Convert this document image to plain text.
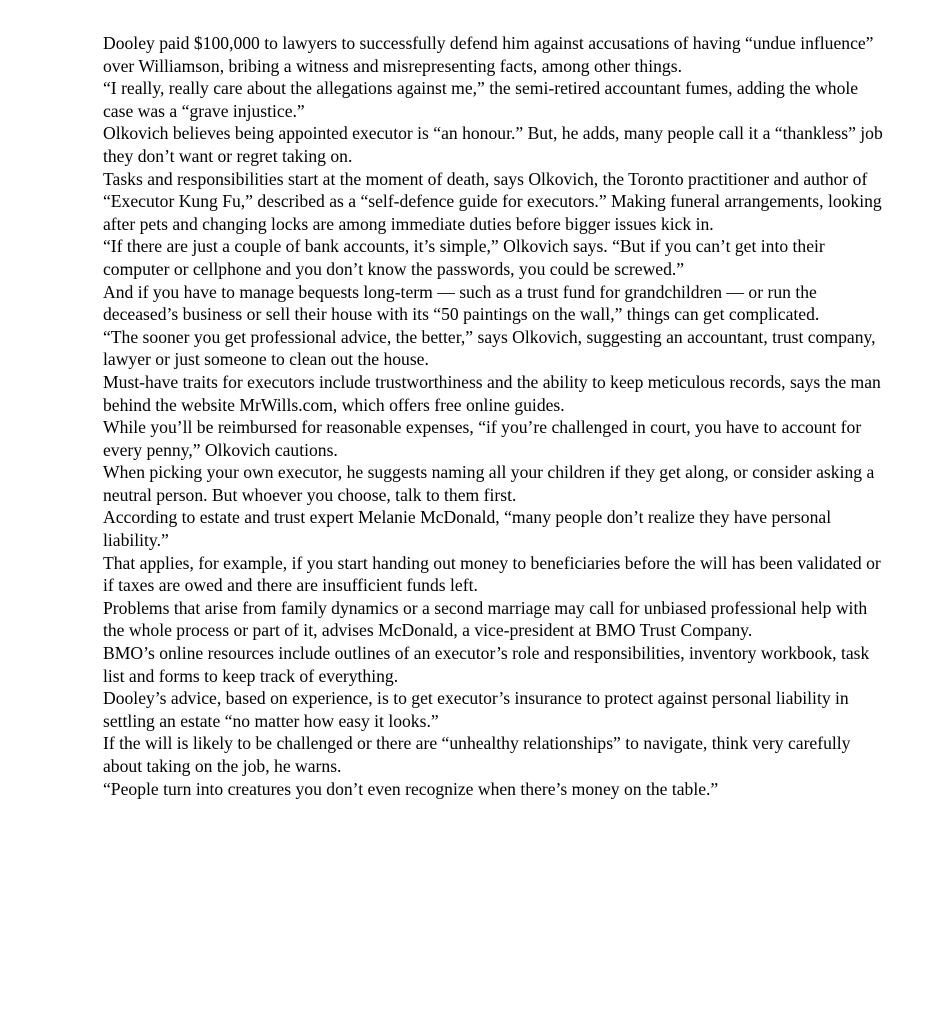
Dooley paid $100,000 to lawyers to successfully defend him against accusations of having “undue influence” over Williamson, bribing a witness and misrepresenting facts, among other things.

“I really, really care about the allegations against me,” the semi-retired accountant fumes, adding the whole case was a “grave injustice.”

Olkovich believes being appointed executor is “an honour.” But, he adds, many people call it a “thankless” job they don’t want or regret taking on.

Tasks and responsibilities start at the moment of death, says Olkovich, the Toronto practitioner and author of “Executor Kung Fu,” described as a “self-defence guide for executors.” Making funeral arrangements, looking after pets and changing locks are among immediate duties before bigger issues kick in.

“If there are just a couple of bank accounts, it’s simple,” Olkovich says. “But if you can’t get into their computer or cellphone and you don’t know the passwords, you could be screwed.”

And if you have to manage bequests long-term — such as a trust fund for grandchildren — or run the deceased’s business or sell their house with its “50 paintings on the wall,” things can get complicated.

“The sooner you get professional advice, the better,” says Olkovich, suggesting an accountant, trust company, lawyer or just someone to clean out the house.

Must-have traits for executors include trustworthiness and the ability to keep meticulous records, says the man behind the website MrWills.com, which offers free online guides.

While you’ll be reimbursed for reasonable expenses, “if you’re challenged in court, you have to account for every penny,” Olkovich cautions.

When picking your own executor, he suggests naming all your children if they get along, or consider asking a neutral person. But whoever you choose, talk to them first.

According to estate and trust expert Melanie McDonald, “many people don’t realize they have personal liability.”

That applies, for example, if you start handing out money to beneficiaries before the will has been validated or if taxes are owed and there are insufficient funds left.

Problems that arise from family dynamics or a second marriage may call for unbiased professional help with the whole process or part of it, advises McDonald, a vice-president at BMO Trust Company.

BMO’s online resources include outlines of an executor’s role and responsibilities, inventory workbook, task list and forms to keep track of everything.

Dooley’s advice, based on experience, is to get executor’s insurance to protect against personal liability in settling an estate “no matter how easy it looks.”

If the will is likely to be challenged or there are “unhealthy relationships” to navigate, think very carefully about taking on the job, he warns.

“People turn into creatures you don’t even recognize when there’s money on the table.”
